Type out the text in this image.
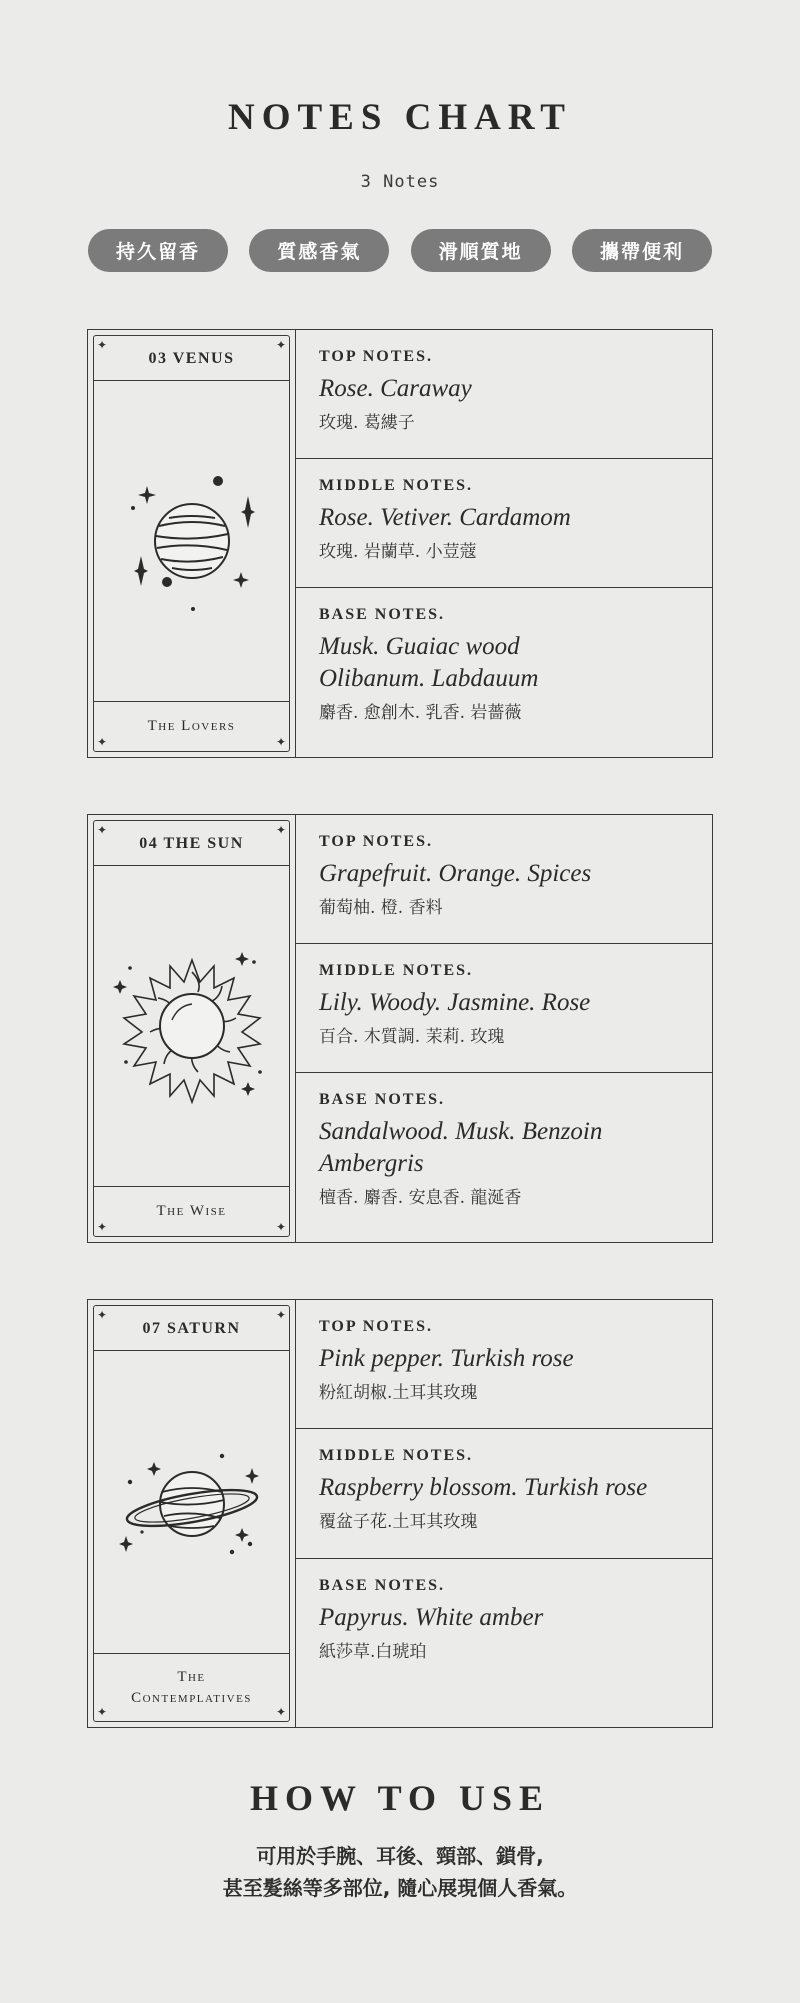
NOTES CHART
3 Notes
持久留香	質感香氣	滑順質地	攜帶便利
✦	✦
✦	✦
03 VENUS
The Lovers
TOP NOTES.
Rose. Caraway
玫瑰. 葛縷子
MIDDLE NOTES.
Rose. Vetiver. Cardamom
玫瑰. 岩蘭草. 小荳蔻
BASE NOTES.
Musk. Guaiac wood
Olibanum. Labdauum
麝香. 愈創木. 乳香. 岩薔薇
✦	✦
✦	✦
04 THE SUN
The Wise
TOP NOTES.
Grapefruit. Orange. Spices
葡萄柚. 橙. 香料
MIDDLE NOTES.
Lily. Woody. Jasmine. Rose
百合. 木質調. 茉莉. 玫瑰
BASE NOTES.
Sandalwood. Musk. Benzoin
Ambergris
檀香. 麝香. 安息香. 龍涎香
✦	✦
✦	✦
07 SATURN
The
Contemplatives
TOP NOTES.
Pink pepper. Turkish rose
粉紅胡椒.土耳其玫瑰
MIDDLE NOTES.
Raspberry blossom. Turkish rose
覆盆子花.土耳其玫瑰
BASE NOTES.
Papyrus. White amber
紙莎草.白琥珀
HOW TO USE
可用於手腕、耳後、頸部、鎖骨,
甚至髮絲等多部位, 隨心展現個人香氣。
